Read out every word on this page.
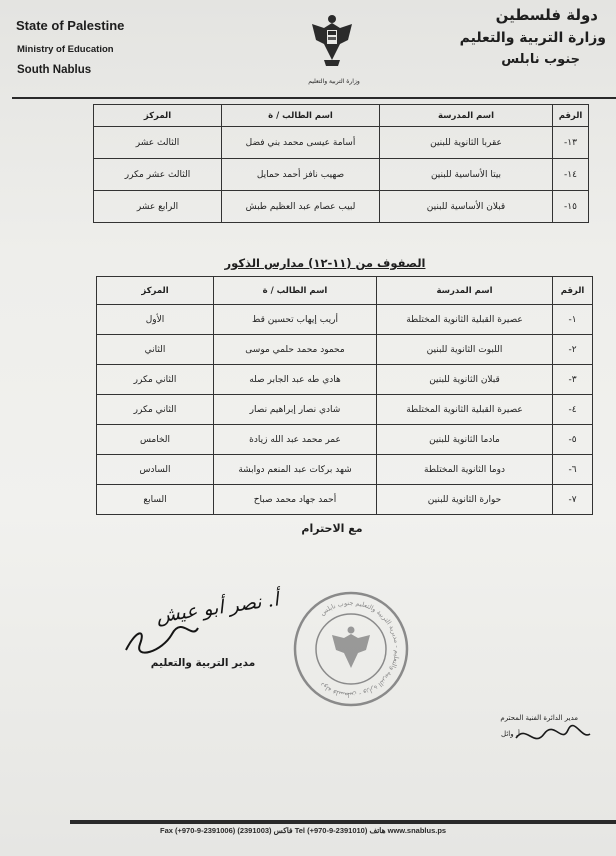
State of Palestine
Ministry of Education
South Nablus
دولة فلسطين
وزارة التربية والتعليم
جنوب نابلس
وزارة التربية والتعليم
الرقم	اسم المدرسة	اسم الطالب / ة	المركز
١٣-	عقربا الثانوية للبنين	أسامة عيسى محمد بني فضل	الثالث عشر
١٤-	بيتا الأساسية للبنين	صهيب نافز أحمد حمايل	الثالث عشر مكرر
١٥-	قبلان الأساسية للبنين	لبيب عصام عبد العظيم طبش	الرابع عشر
الصفوف من (١١-١٢) مدارس الذكور
الرقم	اسم المدرسة	اسم الطالب / ة	المركز
١-	عصيرة القبلية الثانوية المختلطة	أريب إيهاب تحسين قط	الأول
٢-	اللبوت الثانوية للبنين	محمود محمد حلمي موسى	الثاني
٣-	قبلان الثانوية للبنين	هادي طه عبد الجابر صله	الثاني مكرر
٤-	عصيرة القبلية الثانوية المختلطة	شادي نصار إبراهيم نصار	الثاني مكرر
٥-	مادما الثانوية للبنين	عمر محمد عبد الله زيادة	الخامس
٦-	دوما الثانوية المختلطة	شهد بركات عبد المنعم دوابشة	السادس
٧-	حوارة الثانوية للبنين	أحمد جهاد محمد صباح	السابع
مع الاحترام
أ. نصر أبو عيش
مدير التربية والتعليم
دولة فلسطين - وزارة التربية والتعليم - مديرية التربية والتعليم جنوب نابلس
مدير الدائرة الفنية المحترم
أ. وائل
Fax (+970-9-2391006) فاكس (2391003) Tel (+970-9-2391010) هاتف www.snablus.ps
